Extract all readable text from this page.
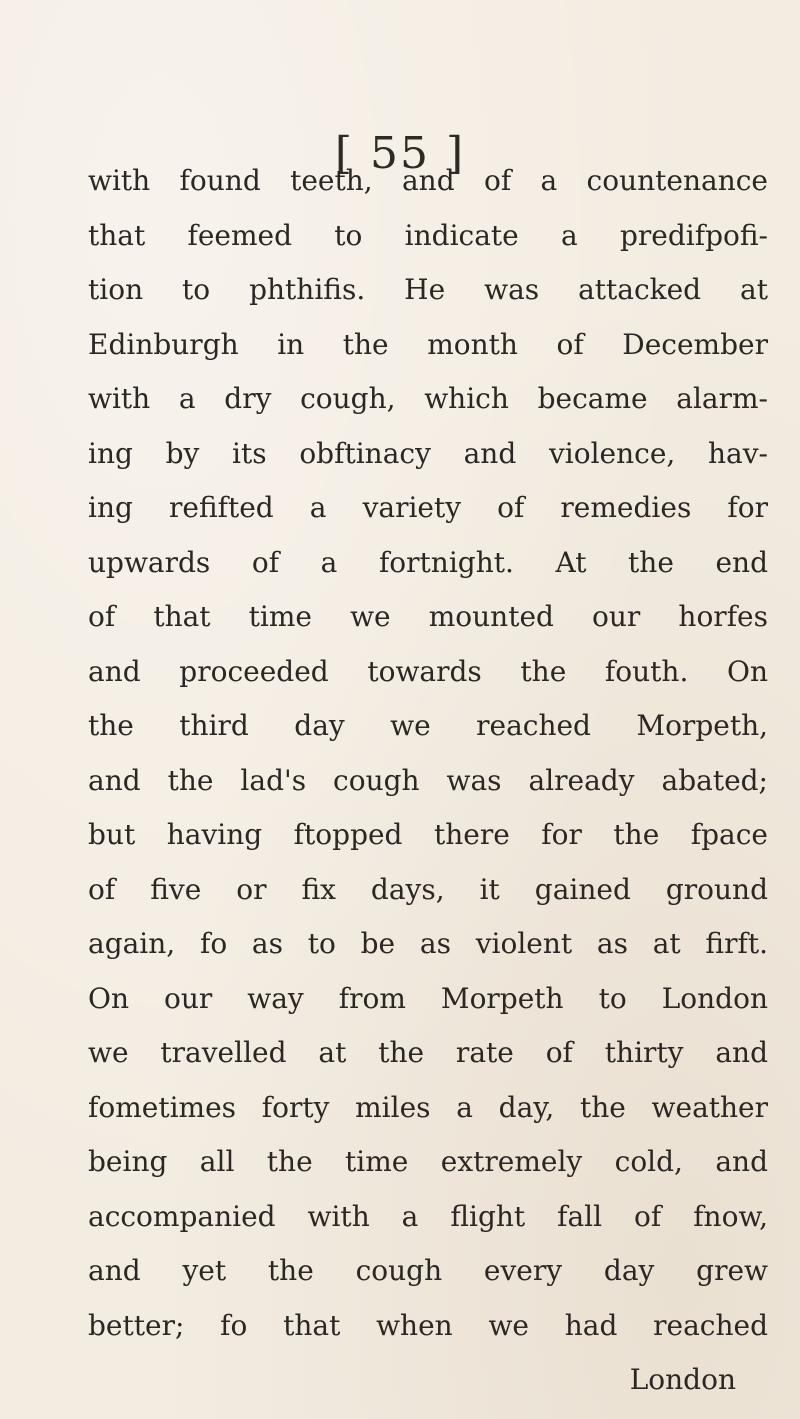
[ 55 ]
with found teeth, and of a countenance
that feemed to indicate a predifpofi-
tion to phthifis. He was attacked at
Edinburgh in the month of December
with a dry cough, which became alarm-
ing by its obftinacy and violence, hav-
ing refifted a variety of remedies for
upwards of a fortnight. At the end
of that time we mounted our horfes
and proceeded towards the fouth. On
the third day we reached Morpeth,
and the lad's cough was already abated;
but having ftopped there for the fpace
of five or fix days, it gained ground
again, fo as to be as violent as at firft.
On our way from Morpeth to London
we travelled at the rate of thirty and
fometimes forty miles a day, the weather
being all the time extremely cold, and
accompanied with a flight fall of fnow,
and yet the cough every day grew
better; fo that when we had reached
London
